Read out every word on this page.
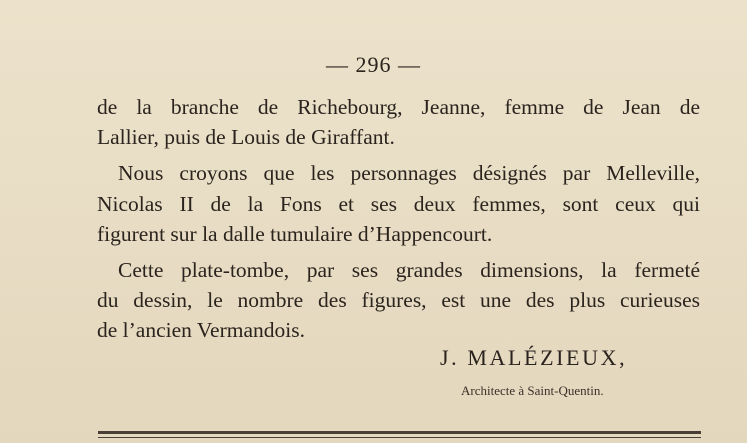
— 296 —
de la branche de Richebourg, Jeanne, femme de Jean de
Lallier, puis de Louis de Giraffant.
Nous croyons que les personnages désignés par Melleville,
Nicolas II de la Fons et ses deux femmes, sont ceux qui
figurent sur la dalle tumulaire d’Happencourt.
Cette plate-tombe, par ses grandes dimensions, la fermeté
du dessin, le nombre des figures, est une des plus curieuses
de l’ancien Vermandois.
J. MALÉZIEUX,
Architecte à Saint-Quentin.
